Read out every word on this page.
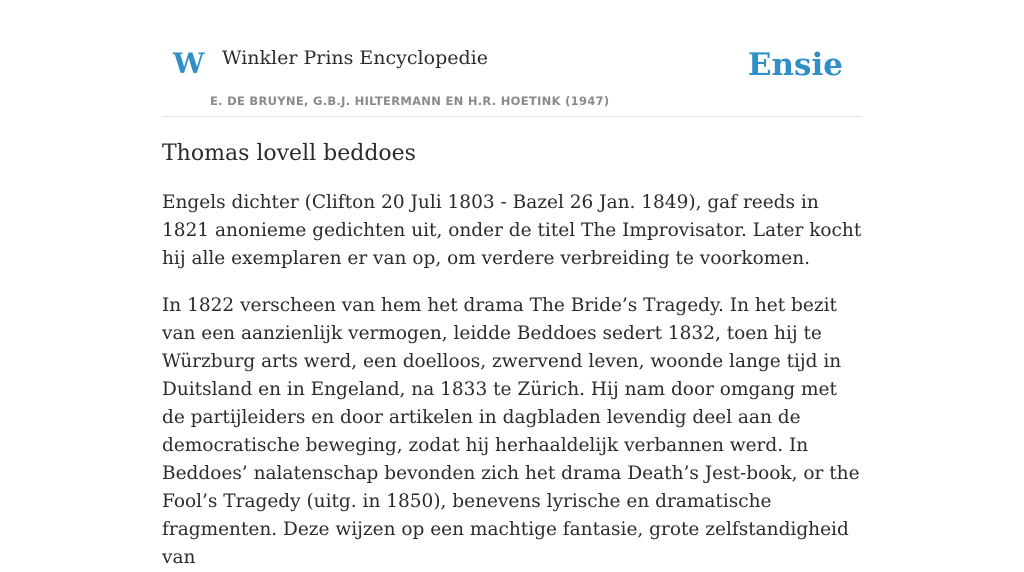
W Winkler Prins Encyclopedie
E. DE BRUYNE, G.B.J. HILTERMANN EN H.R. HOETINK (1947)
Ensie
Thomas lovell beddoes

Engels dichter (Clifton 20 Juli 1803 - Bazel 26 Jan. 1849), gaf reeds in 1821 anonieme gedichten uit, onder de titel The Improvisator. Later kocht hij alle exemplaren er van op, om verdere verbreiding te voorkomen.

In 1822 verscheen van hem het drama The Bride’s Tragedy. In het bezit van een aanzienlijk vermogen, leidde Beddoes sedert 1832, toen hij te Würzburg arts werd, een doelloos, zwervend leven, woonde lange tijd in Duitsland en in Engeland, na 1833 te Zürich. Hij nam door omgang met de partijleiders en door artikelen in dagbladen levendig deel aan de democratische beweging, zodat hij herhaaldelijk verbannen werd. In Beddoes’ nalatenschap bevonden zich het drama Death’s Jest-book, or the Fool’s Tragedy (uitg. in 1850), benevens lyrische en dramatische fragmenten. Deze wijzen op een machtige fantasie, grote zelfstandigheid van
